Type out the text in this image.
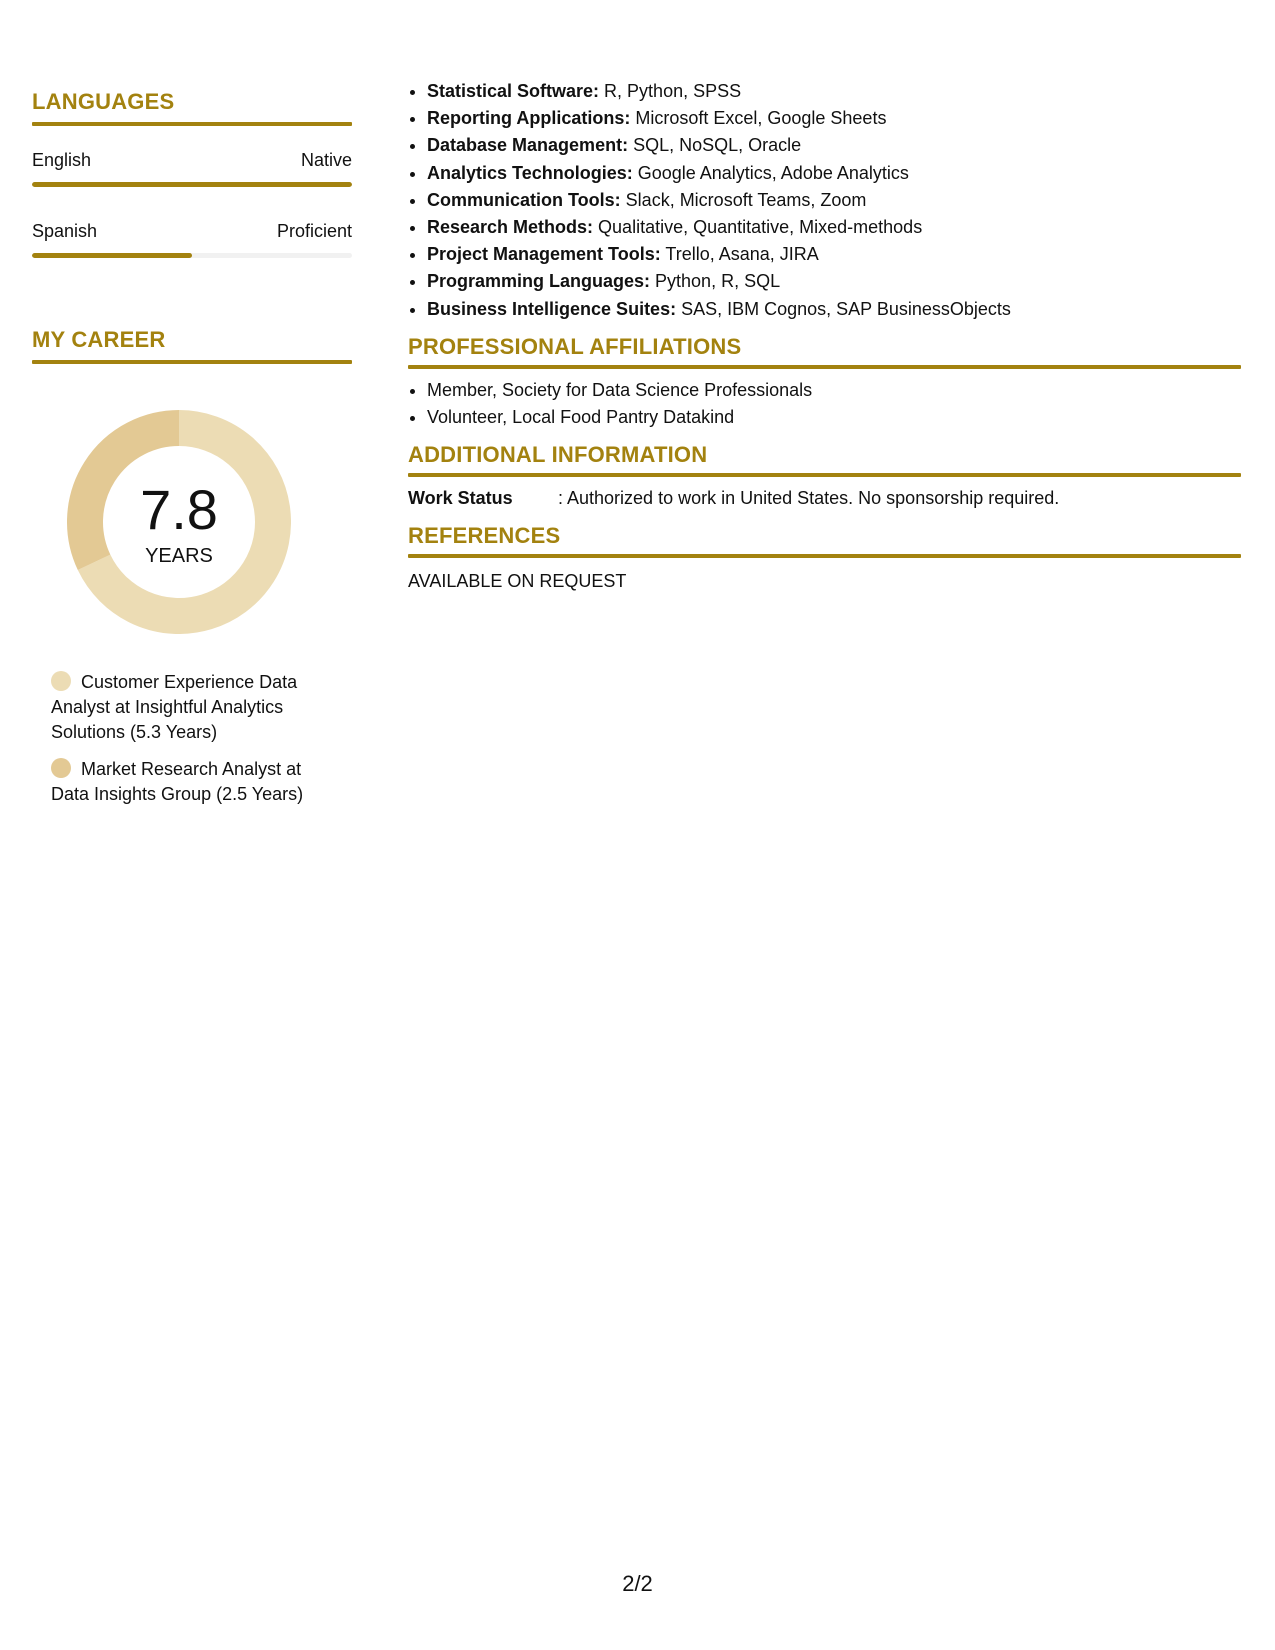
LANGUAGES
English	Native
Spanish	Proficient
MY CAREER
7.8
YEARS
Customer Experience Data Analyst at Insightful Analytics Solutions (5.3 Years)
Market Research Analyst at Data Insights Group (2.5 Years)
• Statistical Software: R, Python, SPSS
• Reporting Applications: Microsoft Excel, Google Sheets
• Database Management: SQL, NoSQL, Oracle
• Analytics Technologies: Google Analytics, Adobe Analytics
• Communication Tools: Slack, Microsoft Teams, Zoom
• Research Methods: Qualitative, Quantitative, Mixed-methods
• Project Management Tools: Trello, Asana, JIRA
• Programming Languages: Python, R, SQL
• Business Intelligence Suites: SAS, IBM Cognos, SAP BusinessObjects
PROFESSIONAL AFFILIATIONS
• Member, Society for Data Science Professionals
• Volunteer, Local Food Pantry Datakind
ADDITIONAL INFORMATION
Work Status	: Authorized to work in United States. No sponsorship required.
REFERENCES
AVAILABLE ON REQUEST
2/2
